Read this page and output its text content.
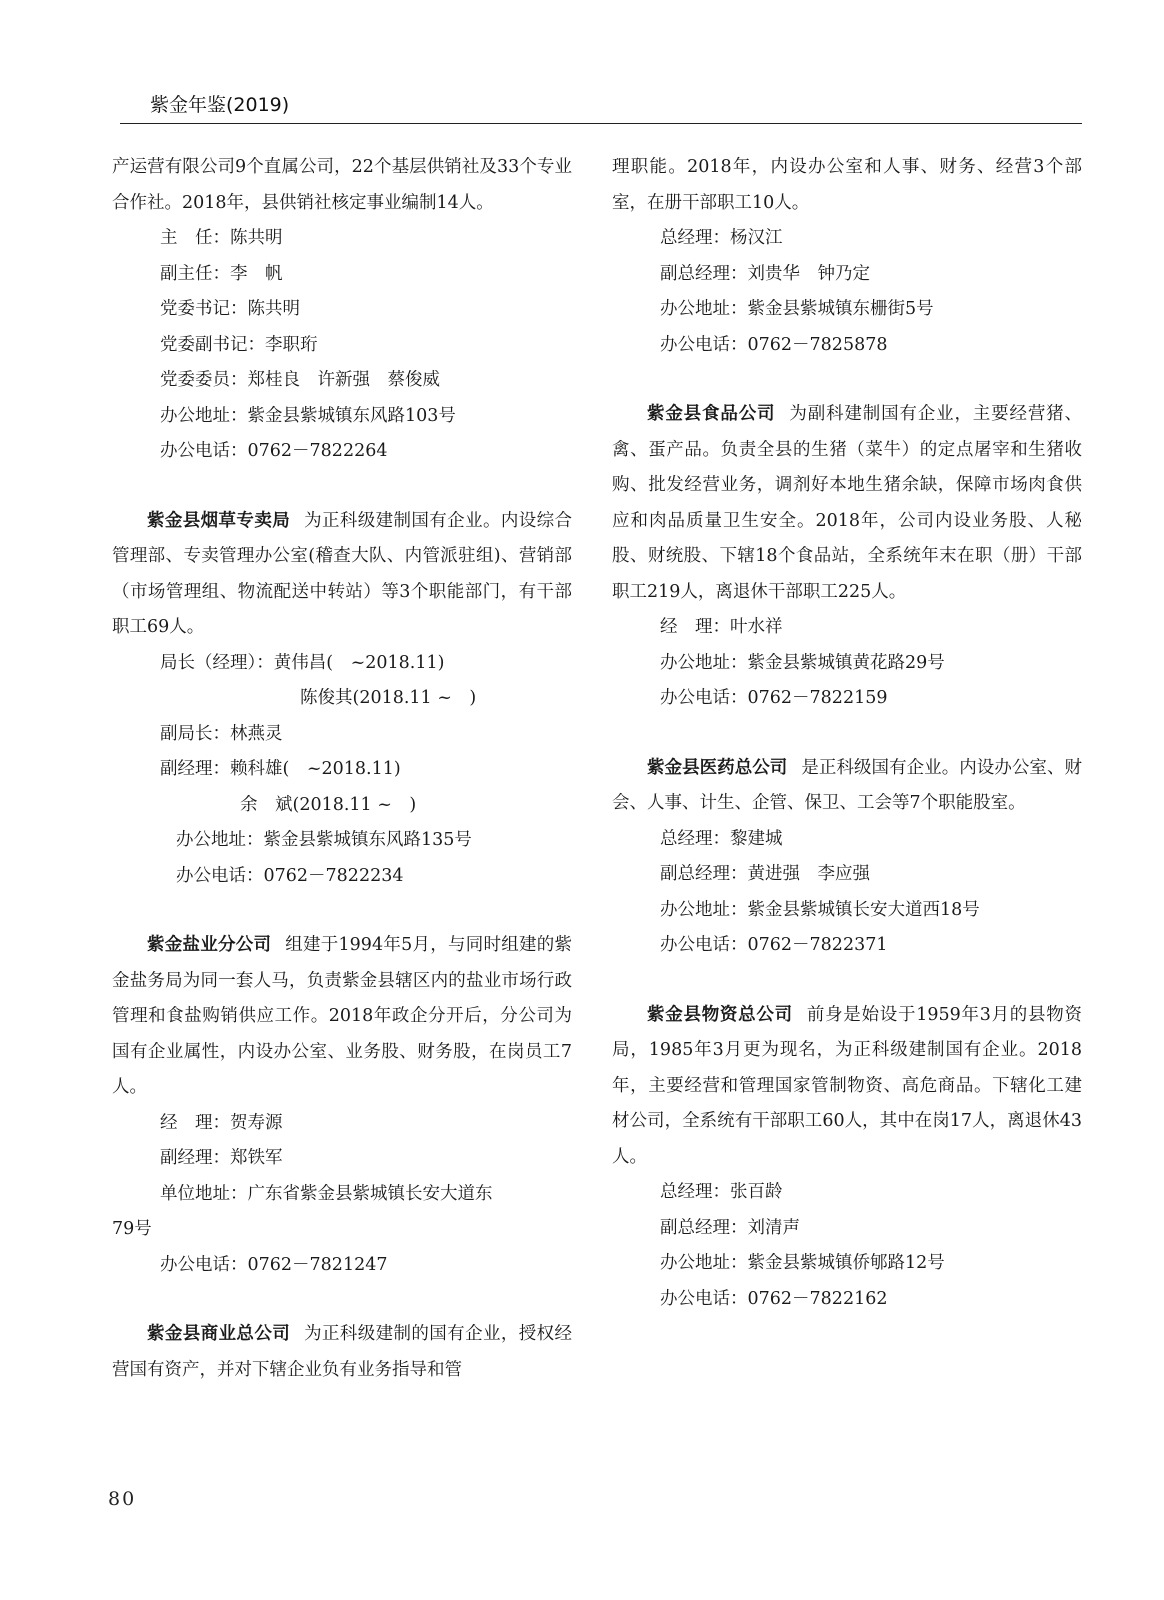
紫金年鉴(2019)

产运营有限公司9个直属公司，22个基层供销社及33个专业合作社。2018年，县供销社核定事业编制14人。

主　任：陈共明

副主任：李　帆

党委书记：陈共明

党委副书记：李职珩

党委委员：郑桂良　许新强　蔡俊威

办公地址：紫金县紫城镇东风路103号

办公电话：0762－7822264

紫金县烟草专卖局 为正科级建制国有企业。内设综合管理部、专卖管理办公室(稽查大队、内管派驻组)、营销部（市场管理组、物流配送中转站）等3个职能部门，有干部职工69人。

局长（经理）：黄伟昌(　~2018.11)

陈俊其(2018.11 ~　)

副局长：林燕灵

副经理：赖科雄(　~2018.11)

余　斌(2018.11 ~　)

办公地址：紫金县紫城镇东风路135号

办公电话：0762－7822234

紫金盐业分公司 组建于1994年5月，与同时组建的紫金盐务局为同一套人马，负责紫金县辖区内的盐业市场行政管理和食盐购销供应工作。2018年政企分开后，分公司为国有企业属性，内设办公室、业务股、财务股，在岗员工7人。

经　理：贺寿源

副经理：郑铁军

单位地址：广东省紫金县紫城镇长安大道东

79号

办公电话：0762－7821247

紫金县商业总公司 为正科级建制的国有企业，授权经营国有资产，并对下辖企业负有业务指导和管

理职能。2018年，内设办公室和人事、财务、经营3个部室，在册干部职工10人。

总经理：杨汉江

副总经理：刘贵华　钟乃定

办公地址：紫金县紫城镇东栅街5号

办公电话：0762－7825878

紫金县食品公司 为副科建制国有企业，主要经营猪、禽、蛋产品。负责全县的生猪（菜牛）的定点屠宰和生猪收购、批发经营业务，调剂好本地生猪余缺，保障市场肉食供应和肉品质量卫生安全。2018年，公司内设业务股、人秘股、财统股、下辖18个食品站，全系统年末在职（册）干部职工219人，离退休干部职工225人。

经　理：叶水祥

办公地址：紫金县紫城镇黄花路29号

办公电话：0762－7822159

紫金县医药总公司 是正科级国有企业。内设办公室、财会、人事、计生、企管、保卫、工会等7个职能股室。

总经理：黎建城

副总经理：黄进强　李应强

办公地址：紫金县紫城镇长安大道西18号

办公电话：0762－7822371

紫金县物资总公司 前身是始设于1959年3月的县物资局，1985年3月更为现名，为正科级建制国有企业。2018年，主要经营和管理国家管制物资、高危商品。下辖化工建材公司，全系统有干部职工60人，其中在岗17人，离退休43人。

总经理：张百龄

副总经理：刘清声

办公地址：紫金县紫城镇侨郇路12号

办公电话：0762－7822162

80
